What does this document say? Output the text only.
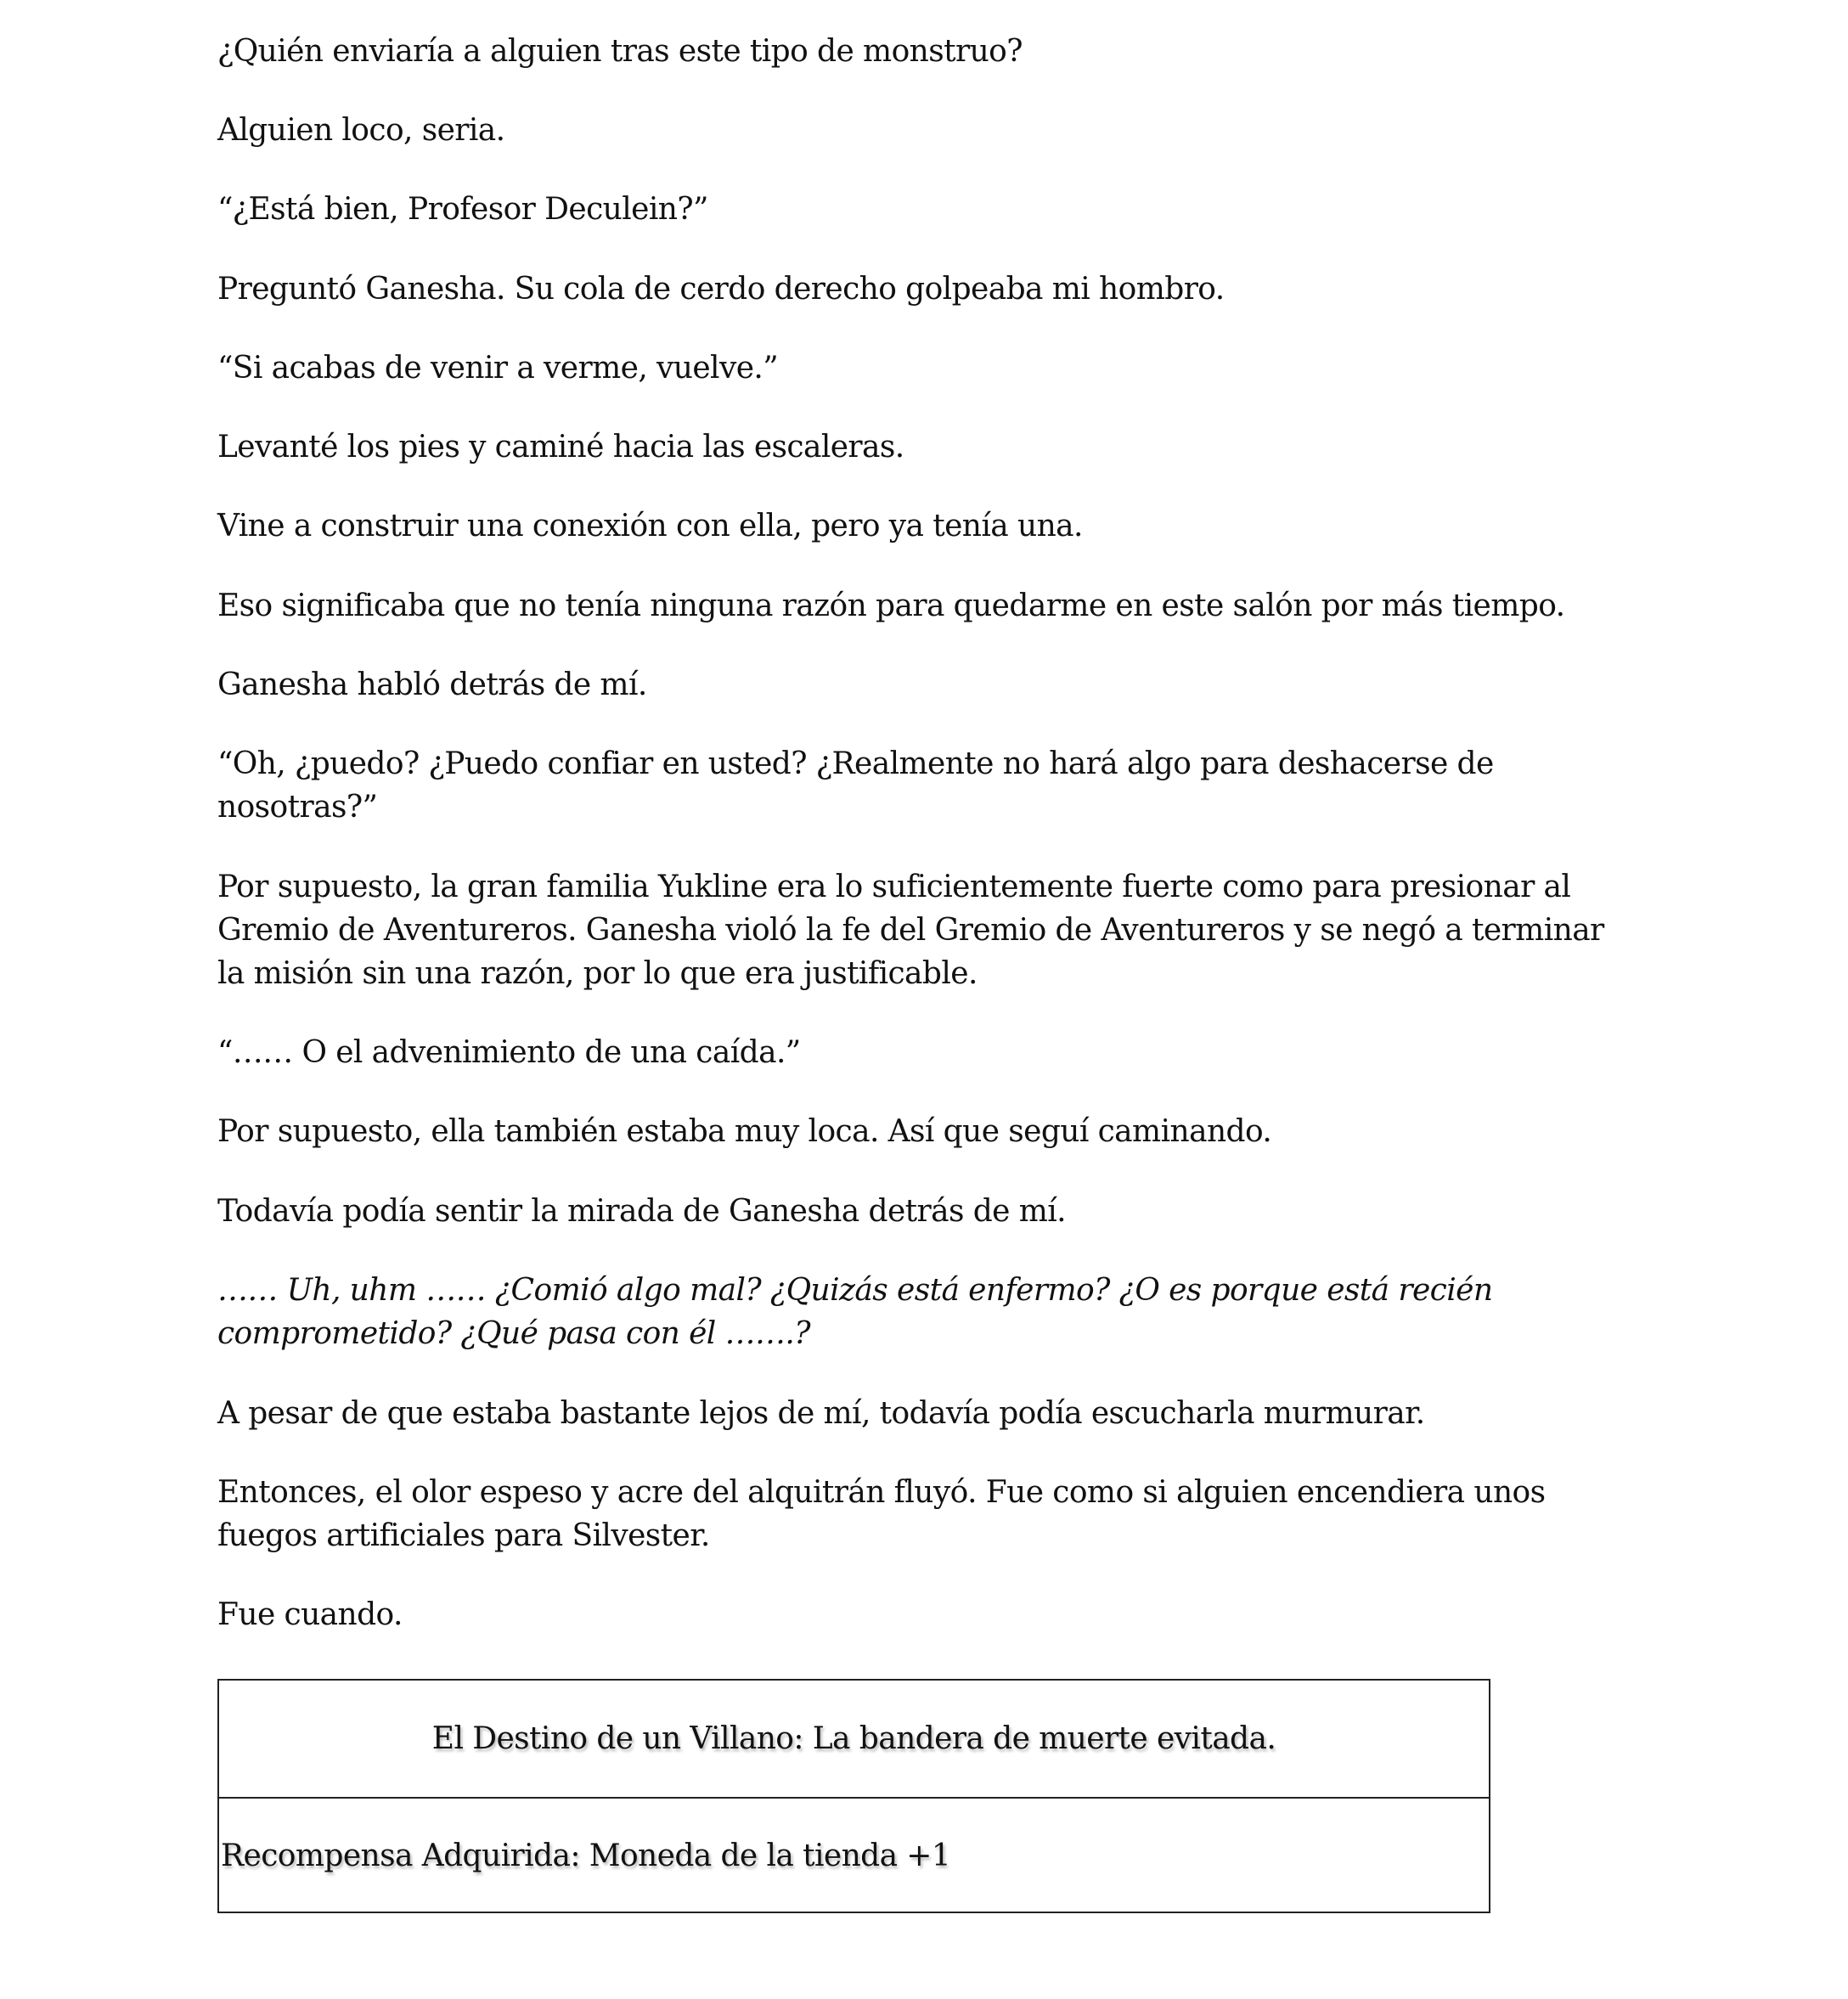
¿Quién enviaría a alguien tras este tipo de monstruo?

Alguien loco, seria.

“¿Está bien, Profesor Deculein?”

Preguntó Ganesha. Su cola de cerdo derecho golpeaba mi hombro.

“Si acabas de venir a verme, vuelve.”

Levanté los pies y caminé hacia las escaleras.

Vine a construir una conexión con ella, pero ya tenía una.

Eso significaba que no tenía ninguna razón para quedarme en este salón por más tiempo.

Ganesha habló detrás de mí.

“Oh, ¿puedo? ¿Puedo confiar en usted? ¿Realmente no hará algo para deshacerse de
nosotras?”

Por supuesto, la gran familia Yukline era lo suficientemente fuerte como para presionar al
Gremio de Aventureros. Ganesha violó la fe del Gremio de Aventureros y se negó a terminar
la misión sin una razón, por lo que era justificable.

“…… O el advenimiento de una caída.”

Por supuesto, ella también estaba muy loca. Así que seguí caminando.

Todavía podía sentir la mirada de Ganesha detrás de mí.

…… Uh, uhm …… ¿Comió algo mal? ¿Quizás está enfermo? ¿O es porque está recién
comprometido? ¿Qué pasa con él …….?

A pesar de que estaba bastante lejos de mí, todavía podía escucharla murmurar.

Entonces, el olor espeso y acre del alquitrán fluyó. Fue como si alguien encendiera unos
fuegos artificiales para Silvester.

Fue cuando.

El Destino de un Villano: La bandera de muerte evitada.
Recompensa Adquirida: Moneda de la tienda +1
